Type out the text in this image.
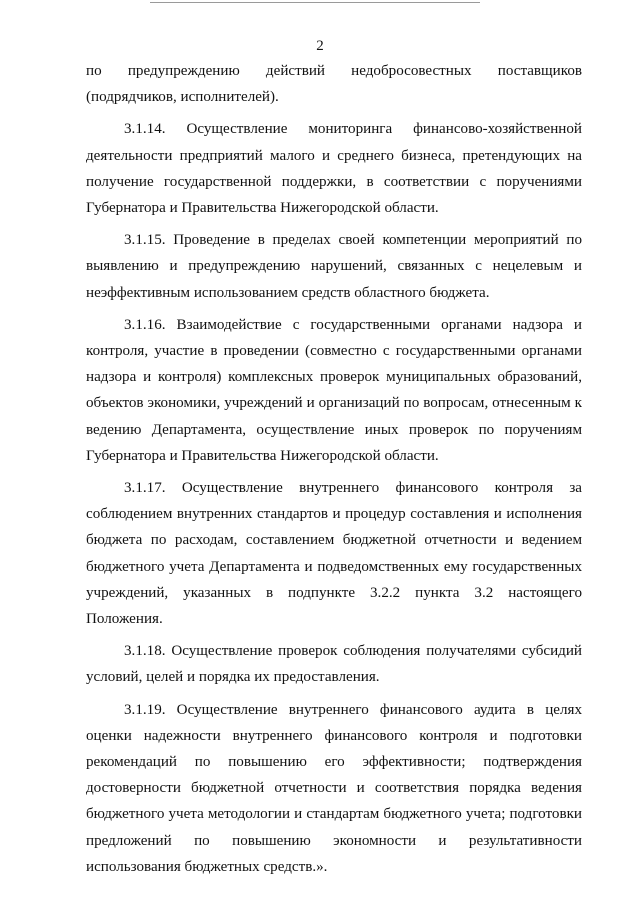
2

по предупреждению действий недобросовестных поставщиков (подрядчиков, исполнителей).

3.1.14. Осуществление мониторинга финансово-хозяйственной деятельности предприятий малого и среднего бизнеса, претендующих на получение государственной поддержки, в соответствии с поручениями Губернатора и Правительства Нижегородской области.

3.1.15. Проведение в пределах своей компетенции мероприятий по выявлению и предупреждению нарушений, связанных с нецелевым и неэффективным использованием средств областного бюджета.

3.1.16. Взаимодействие с государственными органами надзора и контроля, участие в проведении (совместно с государственными органами надзора и контроля) комплексных проверок муниципальных образований, объектов экономики, учреждений и организаций по вопросам, отнесенным к ведению Департамента, осуществление иных проверок по поручениям Губернатора и Правительства Нижегородской области.

3.1.17. Осуществление внутреннего финансового контроля за соблюдением внутренних стандартов и процедур составления и исполнения бюджета по расходам, составлением бюджетной отчетности и ведением бюджетного учета Департамента и подведомственных ему государственных учреждений, указанных в подпункте 3.2.2 пункта 3.2 настоящего Положения.

3.1.18. Осуществление проверок соблюдения получателями субсидий условий, целей и порядка их предоставления.

3.1.19. Осуществление внутреннего финансового аудита в целях оценки надежности внутреннего финансового контроля и подготовки рекомендаций по повышению его эффективности; подтверждения достоверности бюджетной отчетности и соответствия порядка ведения бюджетного учета методологии и стандартам бюджетного учета; подготовки предложений по повышению экономности и результативности использования бюджетных средств.».
